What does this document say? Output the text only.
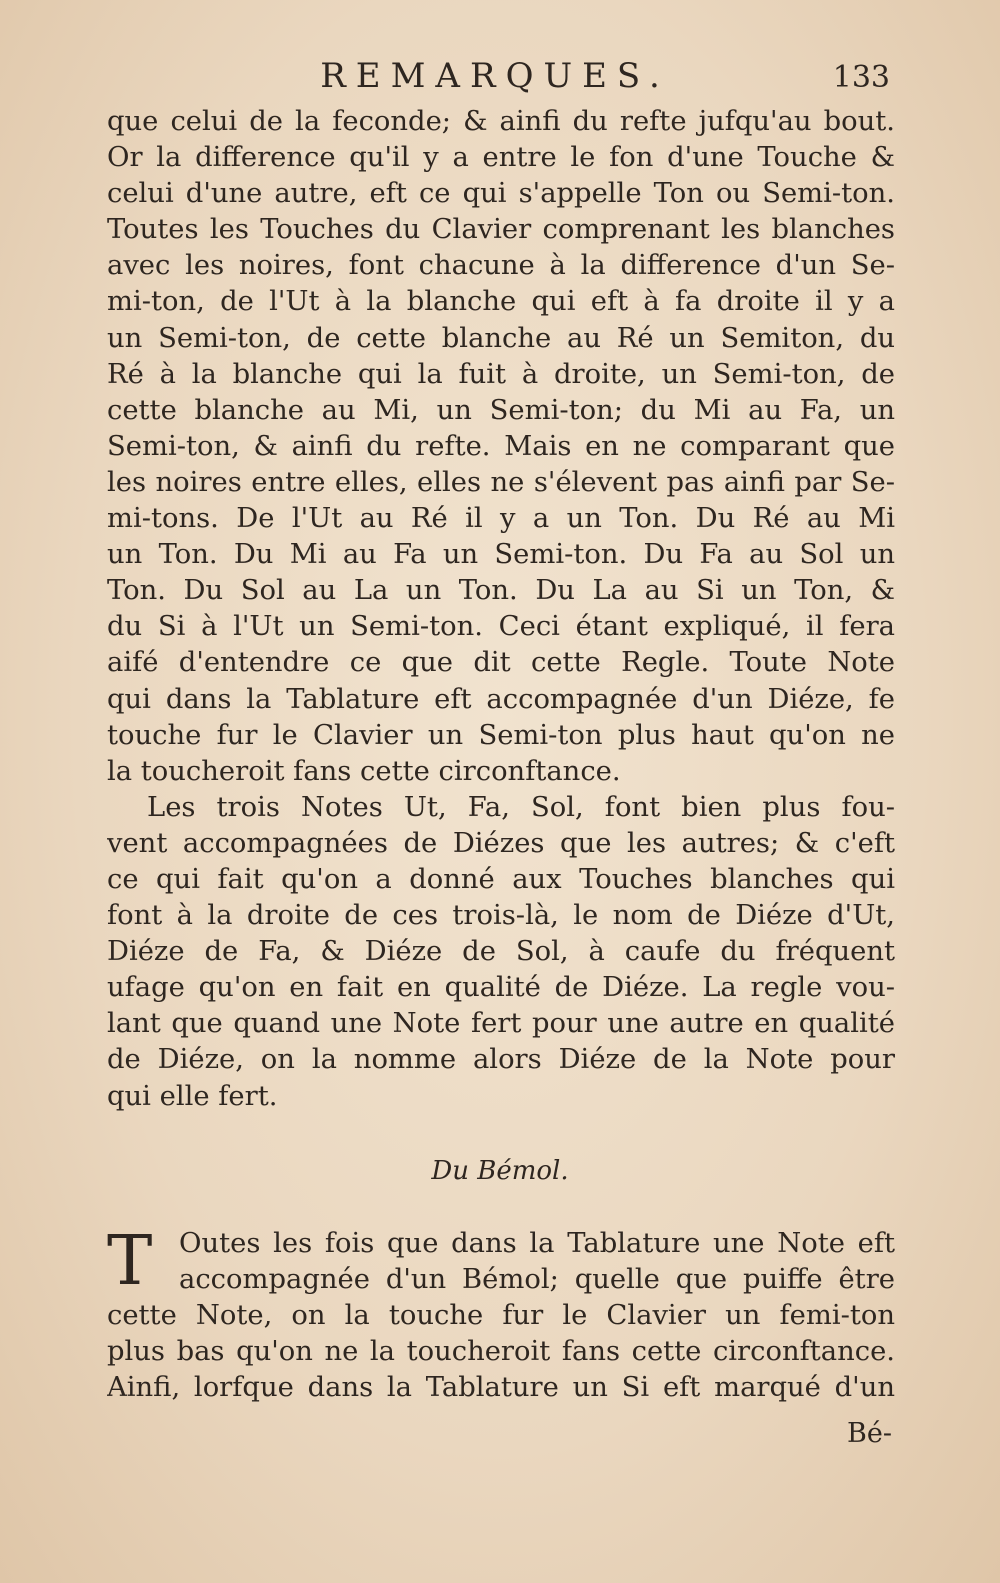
REMARQUES.	133
que celui de la feconde; & ainfi du refte jufqu'au bout.
Or la difference qu'il y a entre le fon d'une Touche &
celui d'une autre, eft ce qui s'appelle Ton ou Semi-ton.
Toutes les Touches du Clavier comprenant les blanches
avec les noires, font chacune à la difference d'un Se-
mi-ton, de l'Ut à la blanche qui eft à fa droite il y a
un Semi-ton, de cette blanche au Ré un Semiton, du
Ré à la blanche qui la fuit à droite, un Semi-ton, de
cette blanche au Mi, un Semi-ton; du Mi au Fa, un
Semi-ton, & ainfi du refte. Mais en ne comparant que
les noires entre elles, elles ne s'élevent pas ainfi par Se-
mi-tons. De l'Ut au Ré il y a un Ton. Du Ré au Mi
un Ton. Du Mi au Fa un Semi-ton. Du Fa au Sol un
Ton. Du Sol au La un Ton. Du La au Si un Ton, &
du Si à l'Ut un Semi-ton. Ceci étant expliqué, il fera
aifé d'entendre ce que dit cette Regle. Toute Note
qui dans la Tablature eft accompagnée d'un Diéze, fe
touche fur le Clavier un Semi-ton plus haut qu'on ne
la toucheroit fans cette circonftance.
Les trois Notes Ut, Fa, Sol, font bien plus fou-
vent accompagnées de Diézes que les autres; & c'eft
ce qui fait qu'on a donné aux Touches blanches qui
font à la droite de ces trois-là, le nom de Diéze d'Ut,
Diéze de Fa, & Diéze de Sol, à caufe du fréquent
ufage qu'on en fait en qualité de Diéze. La regle vou-
lant que quand une Note fert pour une autre en qualité
de Diéze, on la nomme alors Diéze de la Note pour
qui elle fert.
Du Bémol.
T Outes les fois que dans la Tablature une Note eft
accompagnée d'un Bémol; quelle que puiffe être
cette Note, on la touche fur le Clavier un femi-ton
plus bas qu'on ne la toucheroit fans cette circonftance.
Ainfi, lorfque dans la Tablature un Si eft marqué d'un
Bé-
